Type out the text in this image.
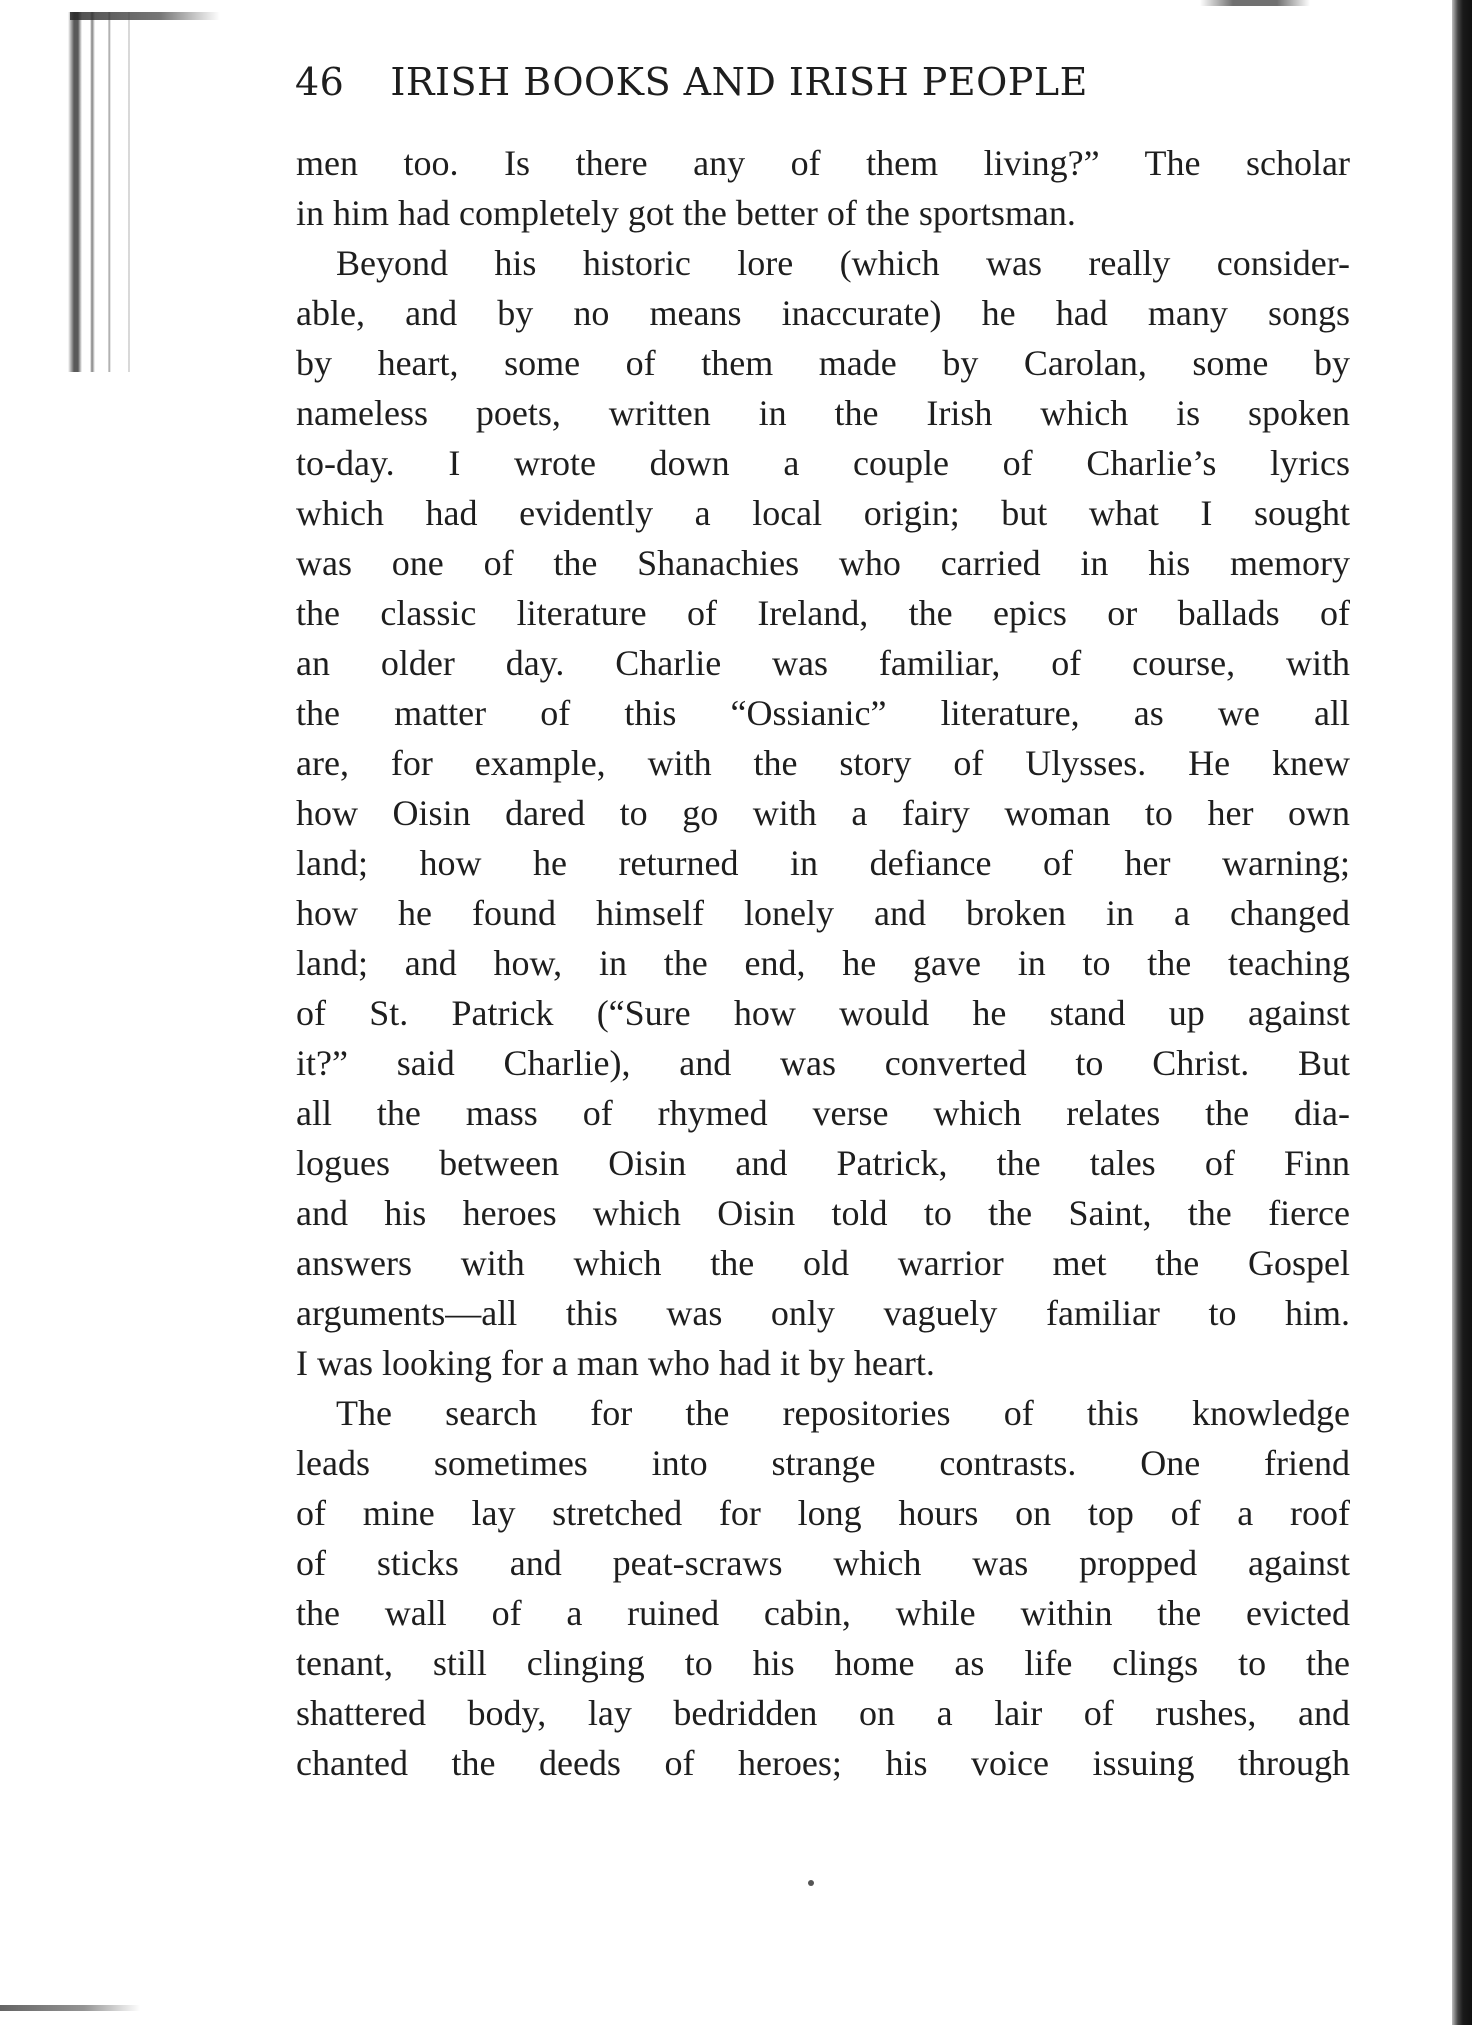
46 IRISH BOOKS AND IRISH PEOPLE
men too. Is there any of them living?” The scholar
in him had completely got the better of the sportsman.
Beyond his historic lore (which was really consider-
able, and by no means inaccurate) he had many songs
by heart, some of them made by Carolan, some by
nameless poets, written in the Irish which is spoken
to-day. I wrote down a couple of Charlie’s lyrics
which had evidently a local origin; but what I sought
was one of the Shanachies who carried in his memory
the classic literature of Ireland, the epics or ballads of
an older day. Charlie was familiar, of course, with
the matter of this “Ossianic” literature, as we all
are, for example, with the story of Ulysses. He knew
how Oisin dared to go with a fairy woman to her own
land; how he returned in defiance of her warning;
how he found himself lonely and broken in a changed
land; and how, in the end, he gave in to the teaching
of St. Patrick (“Sure how would he stand up against
it?” said Charlie), and was converted to Christ. But
all the mass of rhymed verse which relates the dia-
logues between Oisin and Patrick, the tales of Finn
and his heroes which Oisin told to the Saint, the fierce
answers with which the old warrior met the Gospel
arguments—all this was only vaguely familiar to him.
I was looking for a man who had it by heart.
The search for the repositories of this knowledge
leads sometimes into strange contrasts. One friend
of mine lay stretched for long hours on top of a roof
of sticks and peat-scraws which was propped against
the wall of a ruined cabin, while within the evicted
tenant, still clinging to his home as life clings to the
shattered body, lay bedridden on a lair of rushes, and
chanted the deeds of heroes; his voice issuing through
